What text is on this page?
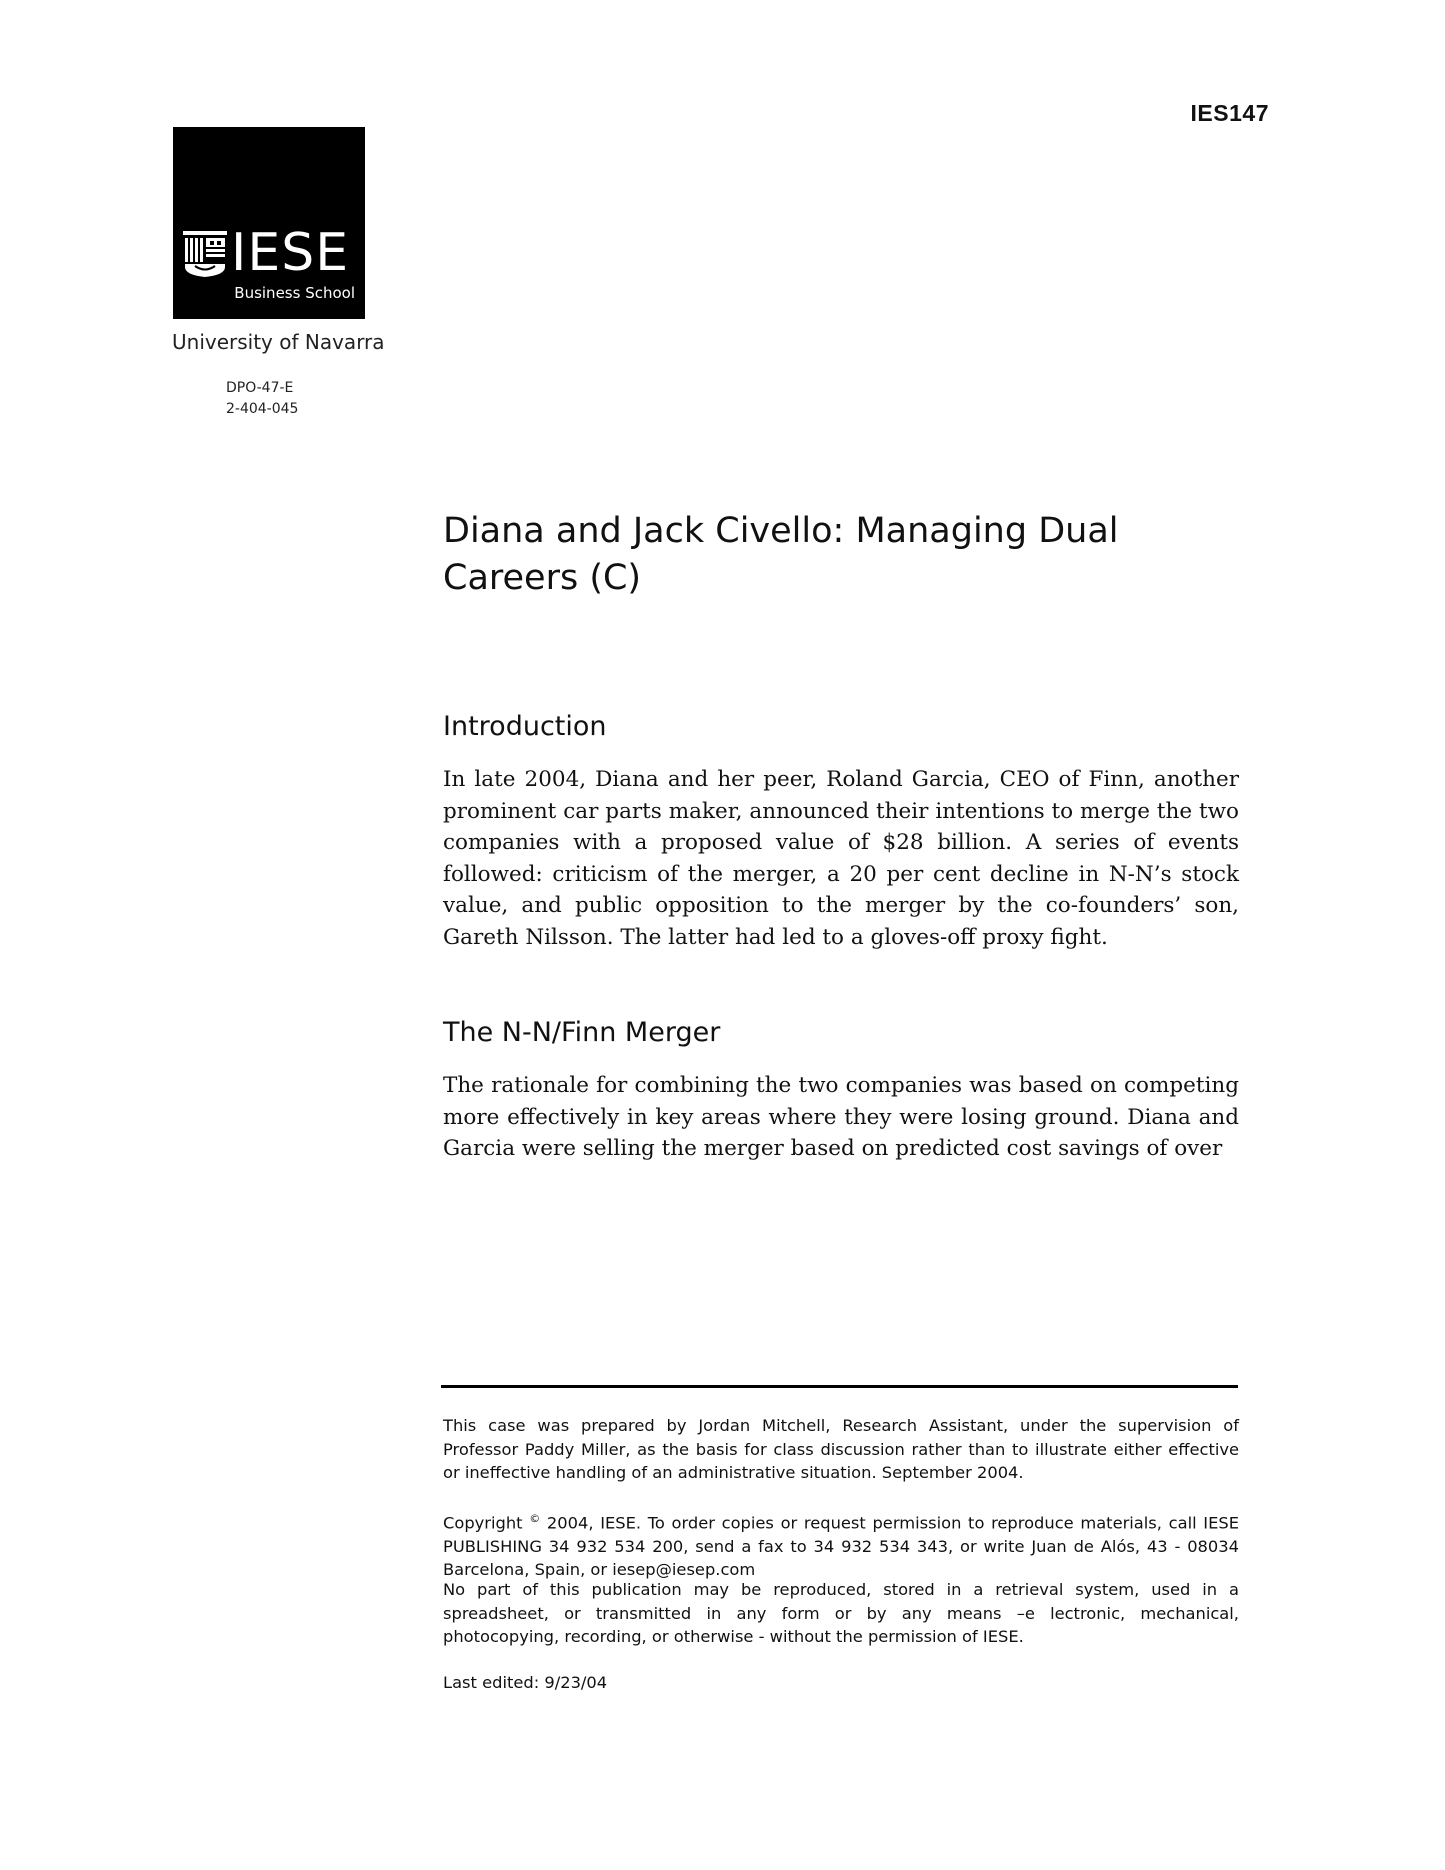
IES147
IESE
Business School
University of Navarra
DPO-47-E
2-404-045
Diana and Jack Civello: Managing Dual Careers (C)
Introduction

In late 2004, Diana and her peer, Roland Garcia, CEO of Finn, another prominent car parts maker, announced their intentions to merge the two companies with a proposed value of $28 billion. A series of events followed: criticism of the merger, a 20 per cent decline in N-N’s stock value, and public opposition to the merger by the co-founders’ son, Gareth Nilsson. The latter had led to a gloves-off proxy fight.

The N-N/Finn Merger

The rationale for combining the two companies was based on competing more effectively in key areas where they were losing ground. Diana and Garcia were selling the merger based on predicted cost savings of over

This case was prepared by Jordan Mitchell, Research Assistant, under the supervision of Professor Paddy Miller, as the basis for class discussion rather than to illustrate either effective or ineffective handling of an administrative situation. September 2004.

Copyright © 2004, IESE. To order copies or request permission to reproduce materials, call IESE PUBLISHING 34 932 534 200, send a fax to 34 932 534 343, or write Juan de Alós, 43 - 08034 Barcelona, Spain, or iesep@iesep.com

No part of this publication may be reproduced, stored in a retrieval system, used in a spreadsheet, or transmitted in any form or by any means –e lectronic, mechanical, photocopying, recording, or otherwise - without the permission of IESE.

Last edited: 9/23/04
